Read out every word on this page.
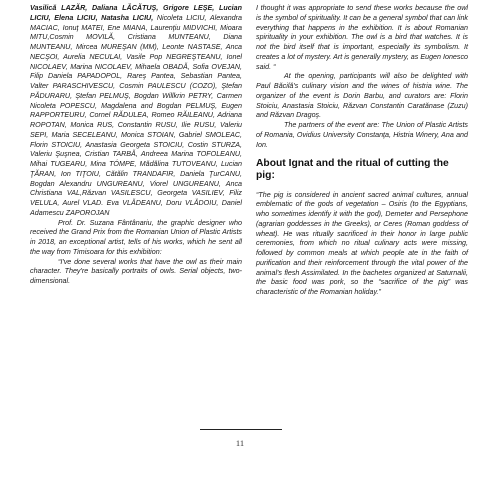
Vasilică LAZĂR, Daliana LĂCĂTUŞ, Grigore LEŞE, Lucian LICIU, Elena LICIU, Natasha LICIU, Nicoleta LICIU, Alexandra MACIAC, Ionuţ MATEI, Ene MIANA, Laurenţiu MIDVICHI, Mioara MITU,Cosmin MOVILĂ, Cristiana MUNTEANU, Diana MUNTEANU, Mircea MUREŞAN (MM), Leonte NASTASE, Anca NECŞOI, Aurelia NECULAI, Vasile Pop NEGREŞTEANU, Ionel NICOLAEV, Marina NICOLAEV, Mihaela OBADĂ, Sofia OVEJAN, Filip Daniela PAPADOPOL, Rareş Pantea, Sebastian Pantea, Valter PARASCHIVESCU, Cosmin PAULESCU (COZO), Ştefan PĂDURARU, Ştefan PELMUŞ, Bogdan Willkrin PETRY, Carmen Nicoleta POPESCU, Magdalena and Bogdan PELMUŞ, Eugen RAPPORTEURU, Cornel RĂDULEA, Romeo RĂILEANU, Adriana ROPOTAN, Monica RUS, Constantin RUSU, Ilie RUSU, Valeriu SEPI, Maria SECELEANU, Monica STOIAN, Gabriel SMOLEAC, Florin STOICIU, Anastasia Georgeta STOICIU, Costin STURZA, Valeriu Şuşnea, Cristian TARBĂ, Andreea Marina TOFOLEANU, Mihai TUGEARU, Mina TÓMPE, Mădălina TUTOVEANU, Lucian ŢĂRAN, Ion TIŢOIU, Cătălin TRANDAFIR, Daniela ŢurCANU, Bogdan Alexandru UNGUREANU, Viorel UNGUREANU, Anca Christiana VAL,Răzvan VASILESCU, Georgeta VASILIEV, Filiz VELULA, Aurel VLAD. Eva VLĂDEANU, Doru VLĂDOIU, Daniel Adamescu ZAPOROJAN

Prof. Dr. Suzana Fântânariu, the graphic designer who received the Grand Prix from the Romanian Union of Plastic Artists in 2018, an exceptional artist, tells of his works, which he sent all the way from Timisoara for this exhibition:

“I've done several works that have the owl as their main character. They're basically portraits of owls. Serial objects, two-dimensional.

I thought it was appropriate to send these works because the owl is the symbol of spirituality. It can be a general symbol that can link everything that happens in the exhibition. It is about Romanian spirituality in your exhibition. The owl is a bird that watches. It is not the bird itself that is important, especially its symbolism. It creates a lot of mystery. Art is generally mystery, as Eugen Ionesco said. “

At the opening, participants will also be delighted with Paul Băcilă's culinary vision and the wines of histria wine. The organizer of the event is Dorin Barbu, and curators are: Florin Stoiciu, Anastasia Stoiciu, Răzvan Constantin Caratănase (Zuzu) and Răzvan Dragoş.

The partners of the event are: The Union of Plastic Artists of Romania, Ovidius University Constanţa, Histria Winery, Ana and Ion.

About Ignat and the ritual of cutting the pig:

“The pig is considered in ancient sacred animal cultures, annual emblematic of the gods of vegetation – Osiris (to the Egyptians, who sometimes identify it with the god), Demeter and Persephone (agrarian goddesses in the Greeks), or Ceres (Roman goddess of wheat). He was ritually sacrificed in their honor in large public ceremonies, from which no ritual culinary acts were missing, followed by common meals at which people ate in the faith of purification and their reinforcement through the vital power of the animal's flesh Assimilated. In the bachetes organized at Saturnalii, the basic food was pork, so the “sacrifice of the pig” was characteristic of the Romanian holiday.”

11
